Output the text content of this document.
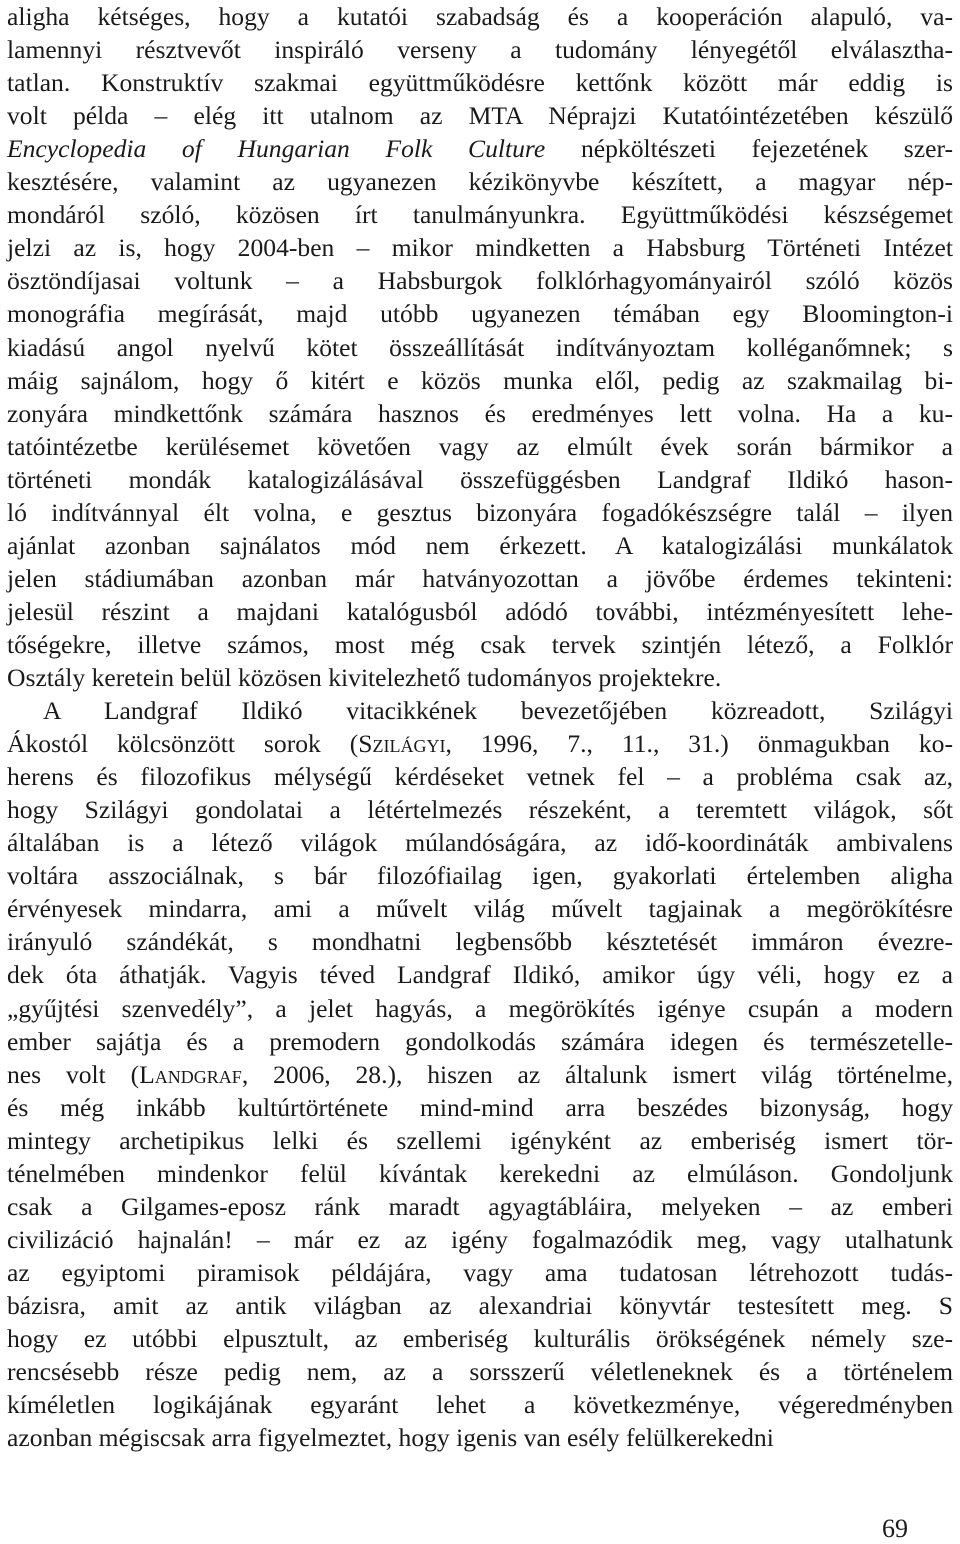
aligha kétséges, hogy a kutatói szabadság és a kooperáción alapuló, va-
lamennyi résztvevőt inspiráló verseny a tudomány lényegétől elválasztha-
tatlan. Konstruktív szakmai együttműködésre kettőnk között már eddig is
volt példa – elég itt utalnom az MTA Néprajzi Kutatóintézetében készülő
Encyclopedia of Hungarian Folk Culture népköltészeti fejezetének szer-
kesztésére, valamint az ugyanezen kézikönyvbe készített, a magyar nép-
mondáról szóló, közösen írt tanulmányunkra. Együttműködési készségemet
jelzi az is, hogy 2004-ben – mikor mindketten a Habsburg Történeti Intézet
ösztöndíjasai voltunk – a Habsburgok folklórhagyományairól szóló közös
monográfia megírását, majd utóbb ugyanezen témában egy Bloomington-i
kiadású angol nyelvű kötet összeállítását indítványoztam kolléganőmnek; s
máig sajnálom, hogy ő kitért e közös munka elől, pedig az szakmailag bi-
zonyára mindkettőnk számára hasznos és eredményes lett volna. Ha a ku-
tatóintézetbe kerülésemet követően vagy az elmúlt évek során bármikor a
történeti mondák katalogizálásával összefüggésben Landgraf Ildikó hason-
ló indítvánnyal élt volna, e gesztus bizonyára fogadókészségre talál – ilyen
ajánlat azonban sajnálatos mód nem érkezett. A katalogizálási munkálatok
jelen stádiumában azonban már hatványozottan a jövőbe érdemes tekinteni:
jelesül részint a majdani katalógusból adódó további, intézményesített lehe-
tőségekre, illetve számos, most még csak tervek szintjén létező, a Folklór
Osztály keretein belül közösen kivitelezhető tudományos projektekre.
A Landgraf Ildikó vitacikkének bevezetőjében közreadott, Szilágyi
Ákostól kölcsönzött sorok (Szilágyi, 1996, 7., 11., 31.) önmagukban ko-
herens és filozofikus mélységű kérdéseket vetnek fel – a probléma csak az,
hogy Szilágyi gondolatai a létértelmezés részeként, a teremtett világok, sőt
általában is a létező világok múlandóságára, az idő-koordináták ambivalens
voltára asszociálnak, s bár filozófiailag igen, gyakorlati értelemben aligha
érvényesek mindarra, ami a művelt világ művelt tagjainak a megörökítésre
irányuló szándékát, s mondhatni legbensőbb késztetését immáron évezre-
dek óta áthatják. Vagyis téved Landgraf Ildikó, amikor úgy véli, hogy ez a
„gyűjtési szenvedély”, a jelet hagyás, a megörökítés igénye csupán a modern
ember sajátja és a premodern gondolkodás számára idegen és természetelle-
nes volt (Landgraf, 2006, 28.), hiszen az általunk ismert világ történelme,
és még inkább kultúrtörténete mind-mind arra beszédes bizonyság, hogy
mintegy archetipikus lelki és szellemi igényként az emberiség ismert tör-
ténelmében mindenkor felül kívántak kerekedni az elmúláson. Gondoljunk
csak a Gilgames-eposz ránk maradt agyagtábláira, melyeken – az emberi
civilizáció hajnalán! – már ez az igény fogalmazódik meg, vagy utalhatunk
az egyiptomi piramisok példájára, vagy ama tudatosan létrehozott tudás-
bázisra, amit az antik világban az alexandriai könyvtár testesített meg. S
hogy ez utóbbi elpusztult, az emberiség kulturális örökségének némely sze-
rencsésebb része pedig nem, az a sorsszerű véletleneknek és a történelem
kíméletlen logikájának egyaránt lehet a következménye, végeredményben
azonban mégiscsak arra figyelmeztet, hogy igenis van esély felülkerekedni
69
